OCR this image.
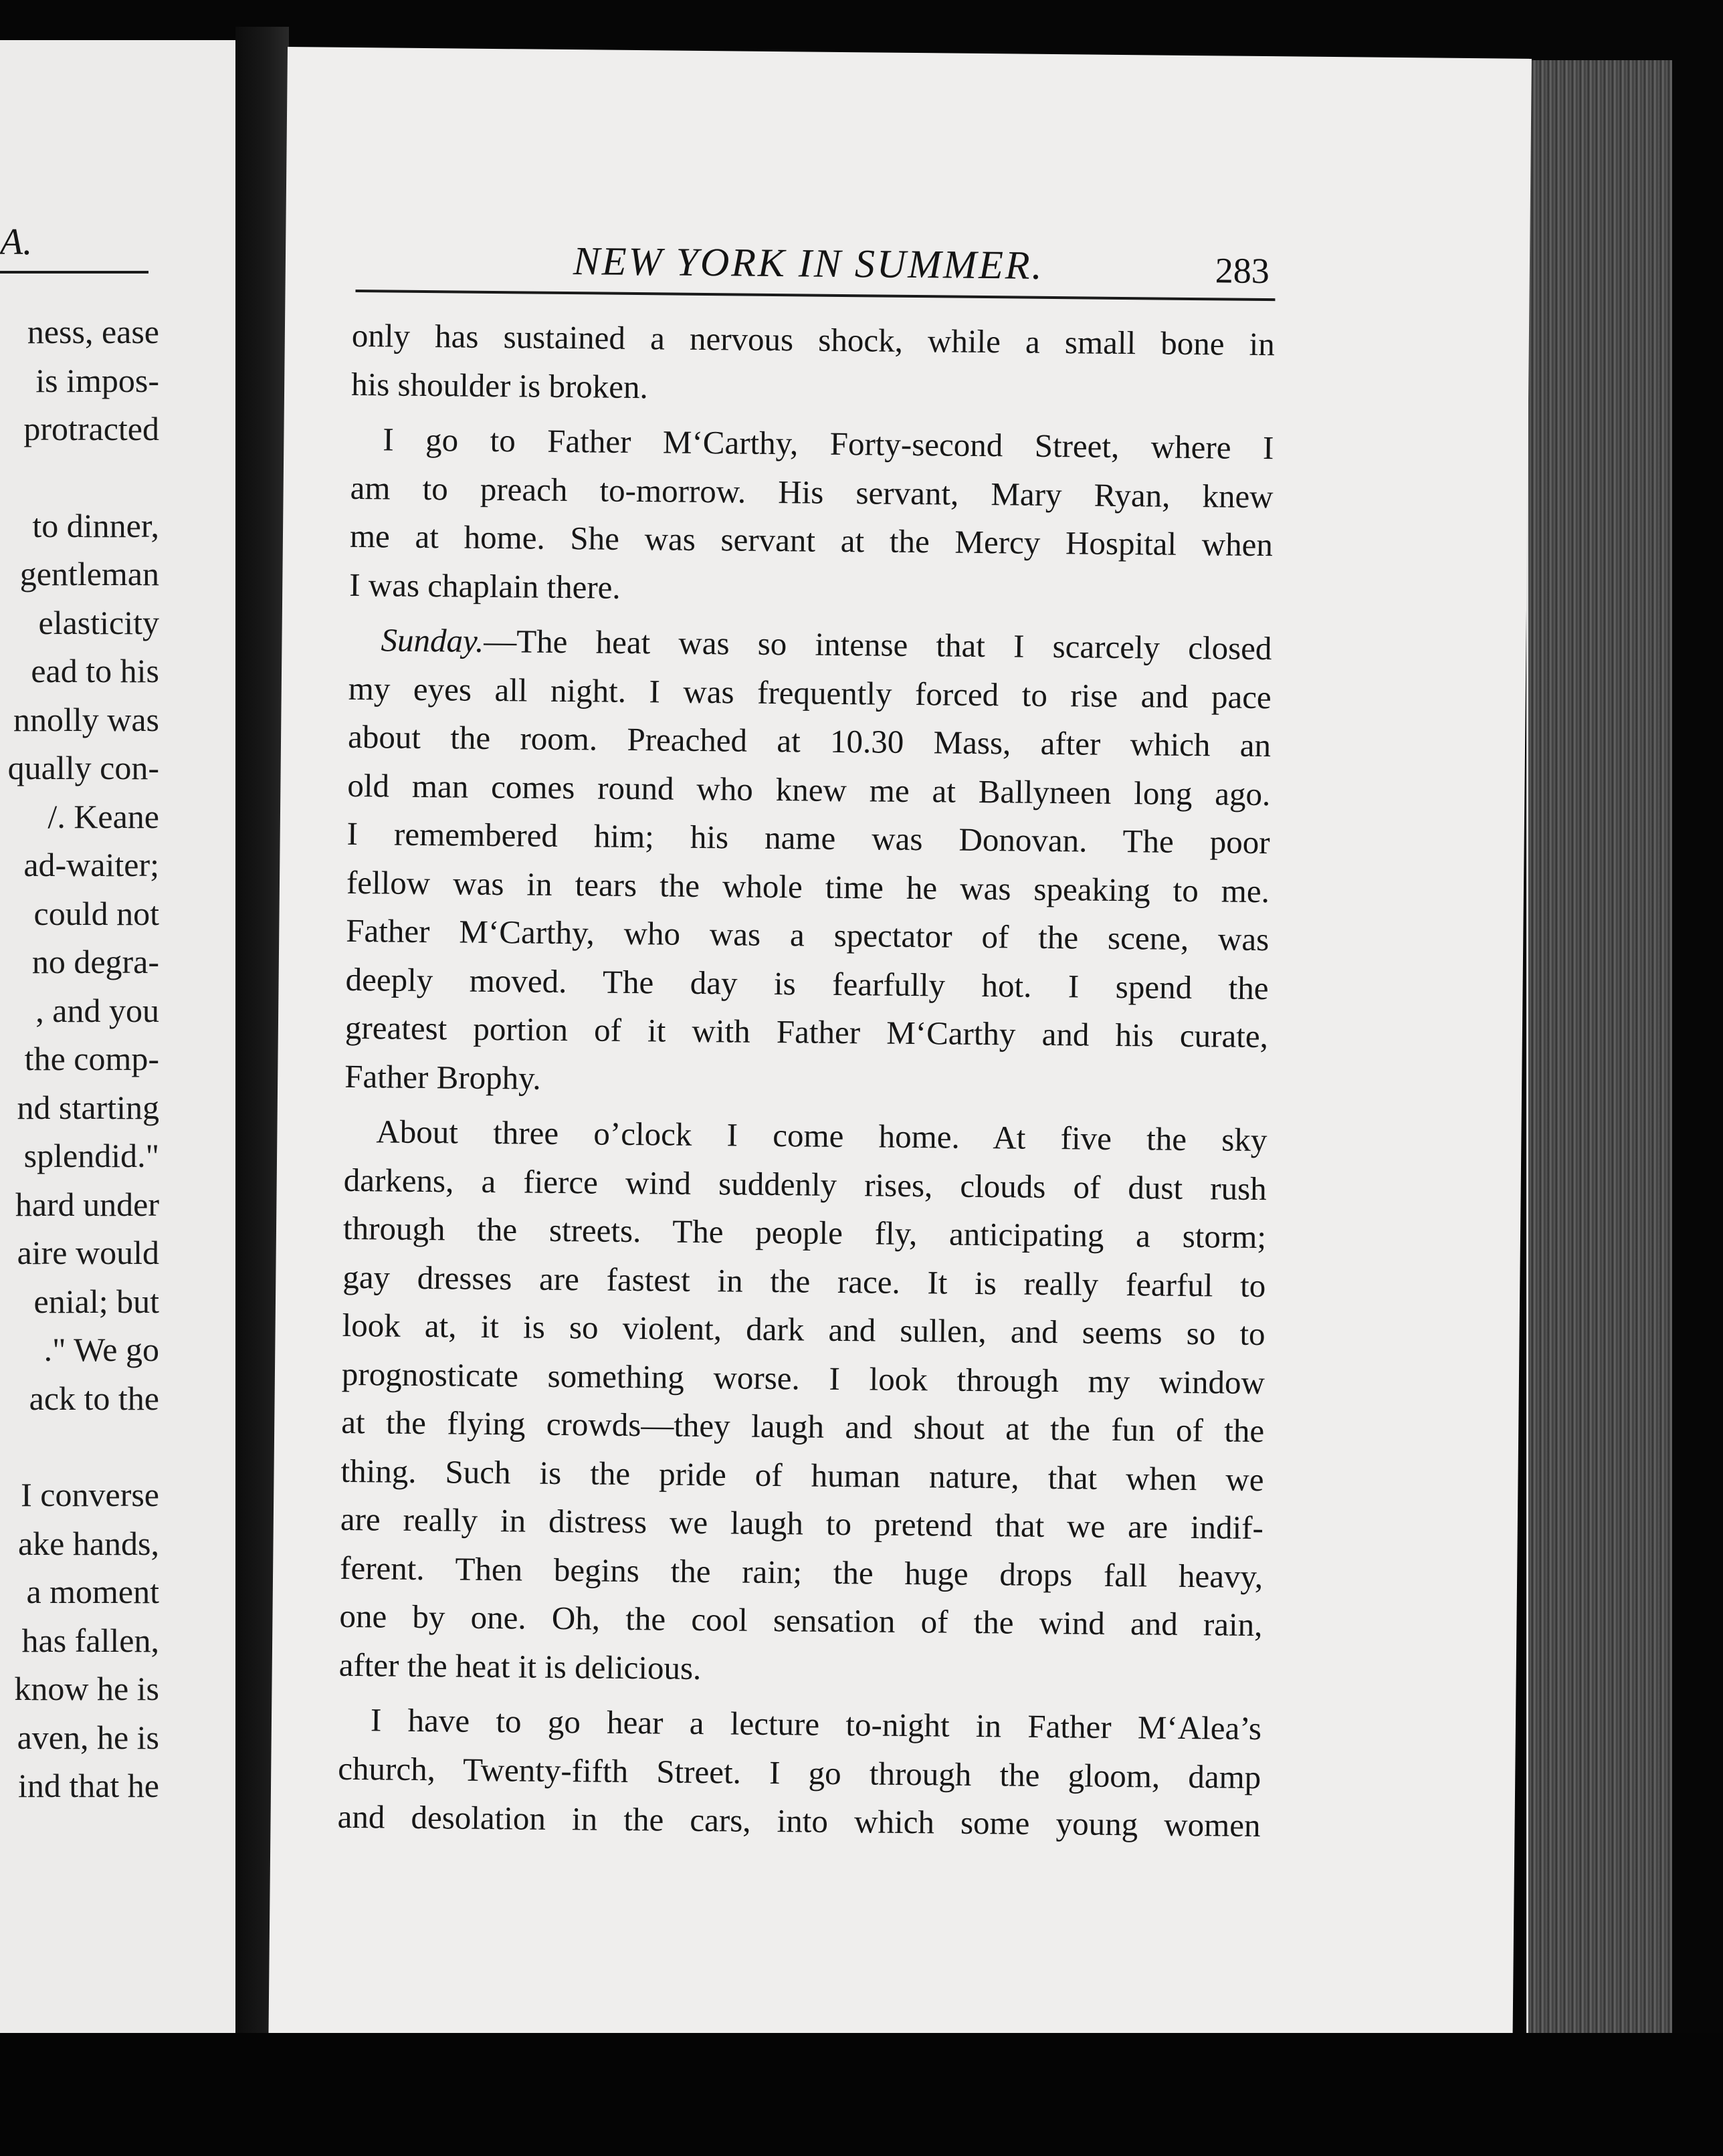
A.
ness, ease
is impos-
protracted
to dinner,
gentleman
elasticity
ead to his
nnolly was
qually con-
/. Keane
ad-waiter;
could not
no degra-
, and you
the comp-
nd starting
splendid."
hard under
aire would
enial; but
." We go
ack to the
I converse
ake hands,
a moment
has fallen,
know he is
aven, he is
ind that he
NEW YORK IN SUMMER.	283
only has sustained a nervous shock, while a small bone in
his shoulder is broken.
I go to Father M‘Carthy, Forty-second Street, where I
am to preach to-morrow. His servant, Mary Ryan, knew
me at home. She was servant at the Mercy Hospital when
I was chaplain there.
Sunday.—The heat was so intense that I scarcely closed
my eyes all night. I was frequently forced to rise and pace
about the room. Preached at 10.30 Mass, after which an
old man comes round who knew me at Ballyneen long ago.
I remembered him; his name was Donovan. The poor
fellow was in tears the whole time he was speaking to me.
Father M‘Carthy, who was a spectator of the scene, was
deeply moved. The day is fearfully hot. I spend the
greatest portion of it with Father M‘Carthy and his curate,
Father Brophy.
About three o’clock I come home. At five the sky
darkens, a fierce wind suddenly rises, clouds of dust rush
through the streets. The people fly, anticipating a storm;
gay dresses are fastest in the race. It is really fearful to
look at, it is so violent, dark and sullen, and seems so to
prognosticate something worse. I look through my window
at the flying crowds—they laugh and shout at the fun of the
thing. Such is the pride of human nature, that when we
are really in distress we laugh to pretend that we are indif-
ferent. Then begins the rain; the huge drops fall heavy,
one by one. Oh, the cool sensation of the wind and rain,
after the heat it is delicious.
I have to go hear a lecture to-night in Father M‘Alea’s
church, Twenty-fifth Street. I go through the gloom, damp
and desolation in the cars, into which some young women
